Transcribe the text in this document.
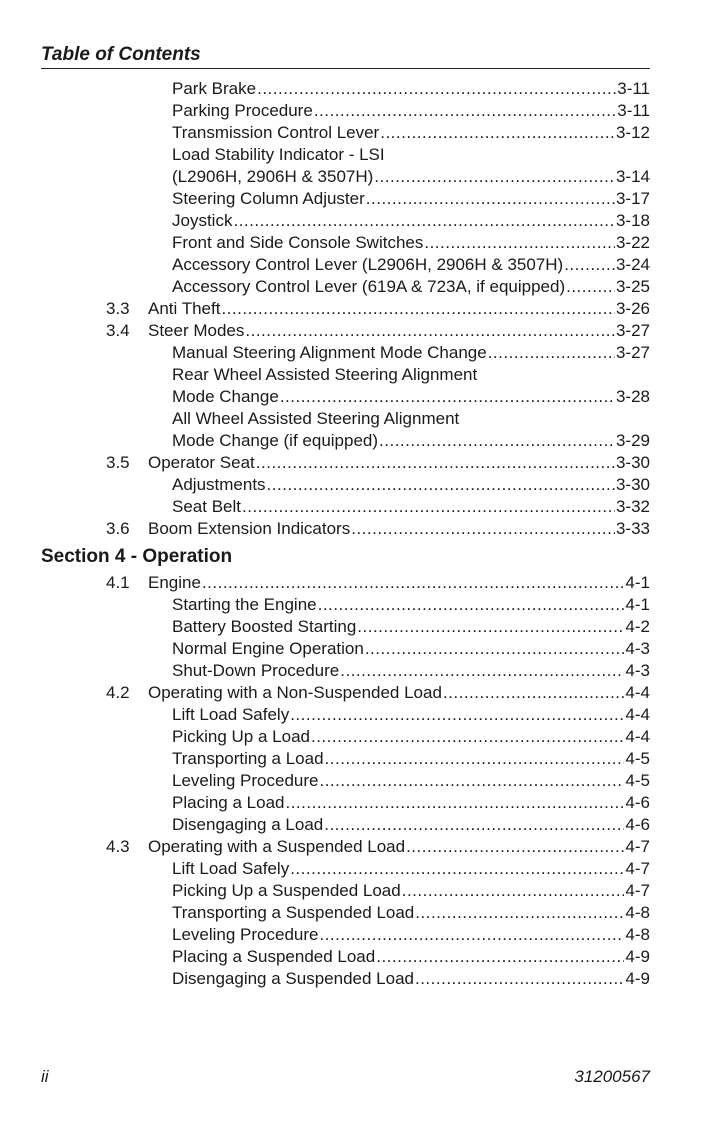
Table of Contents
Park Brake .....	3-11
Parking Procedure .....	3-11
Transmission Control Lever .....	3-12
Load Stability Indicator - LSI
(L2906H, 2906H & 3507H) .....	3-14
Steering Column Adjuster .....	3-17
Joystick .....	3-18
Front and Side Console Switches .....	3-22
Accessory Control Lever (L2906H, 2906H & 3507H) .....	3-24
Accessory Control Lever (619A & 723A, if equipped) .....	3-25
3.3 Anti Theft .....	3-26
3.4 Steer Modes .....	3-27
Manual Steering Alignment Mode Change .....	3-27
Rear Wheel Assisted Steering Alignment
Mode Change .....	3-28
All Wheel Assisted Steering Alignment
Mode Change (if equipped) .....	3-29
3.5 Operator Seat .....	3-30
Adjustments .....	3-30
Seat Belt .....	3-32
3.6 Boom Extension Indicators .....	3-33
Section 4 - Operation
4.1 Engine .....	4-1
Starting the Engine .....	4-1
Battery Boosted Starting .....	4-2
Normal Engine Operation .....	4-3
Shut-Down Procedure .....	4-3
4.2 Operating with a Non-Suspended Load .....	4-4
Lift Load Safely .....	4-4
Picking Up a Load .....	4-4
Transporting a Load .....	4-5
Leveling Procedure .....	4-5
Placing a Load .....	4-6
Disengaging a Load .....	4-6
4.3 Operating with a Suspended Load .....	4-7
Lift Load Safely .....	4-7
Picking Up a Suspended Load .....	4-7
Transporting a Suspended Load .....	4-8
Leveling Procedure .....	4-8
Placing a Suspended Load .....	4-9
Disengaging a Suspended Load .....	4-9
ii	31200567
